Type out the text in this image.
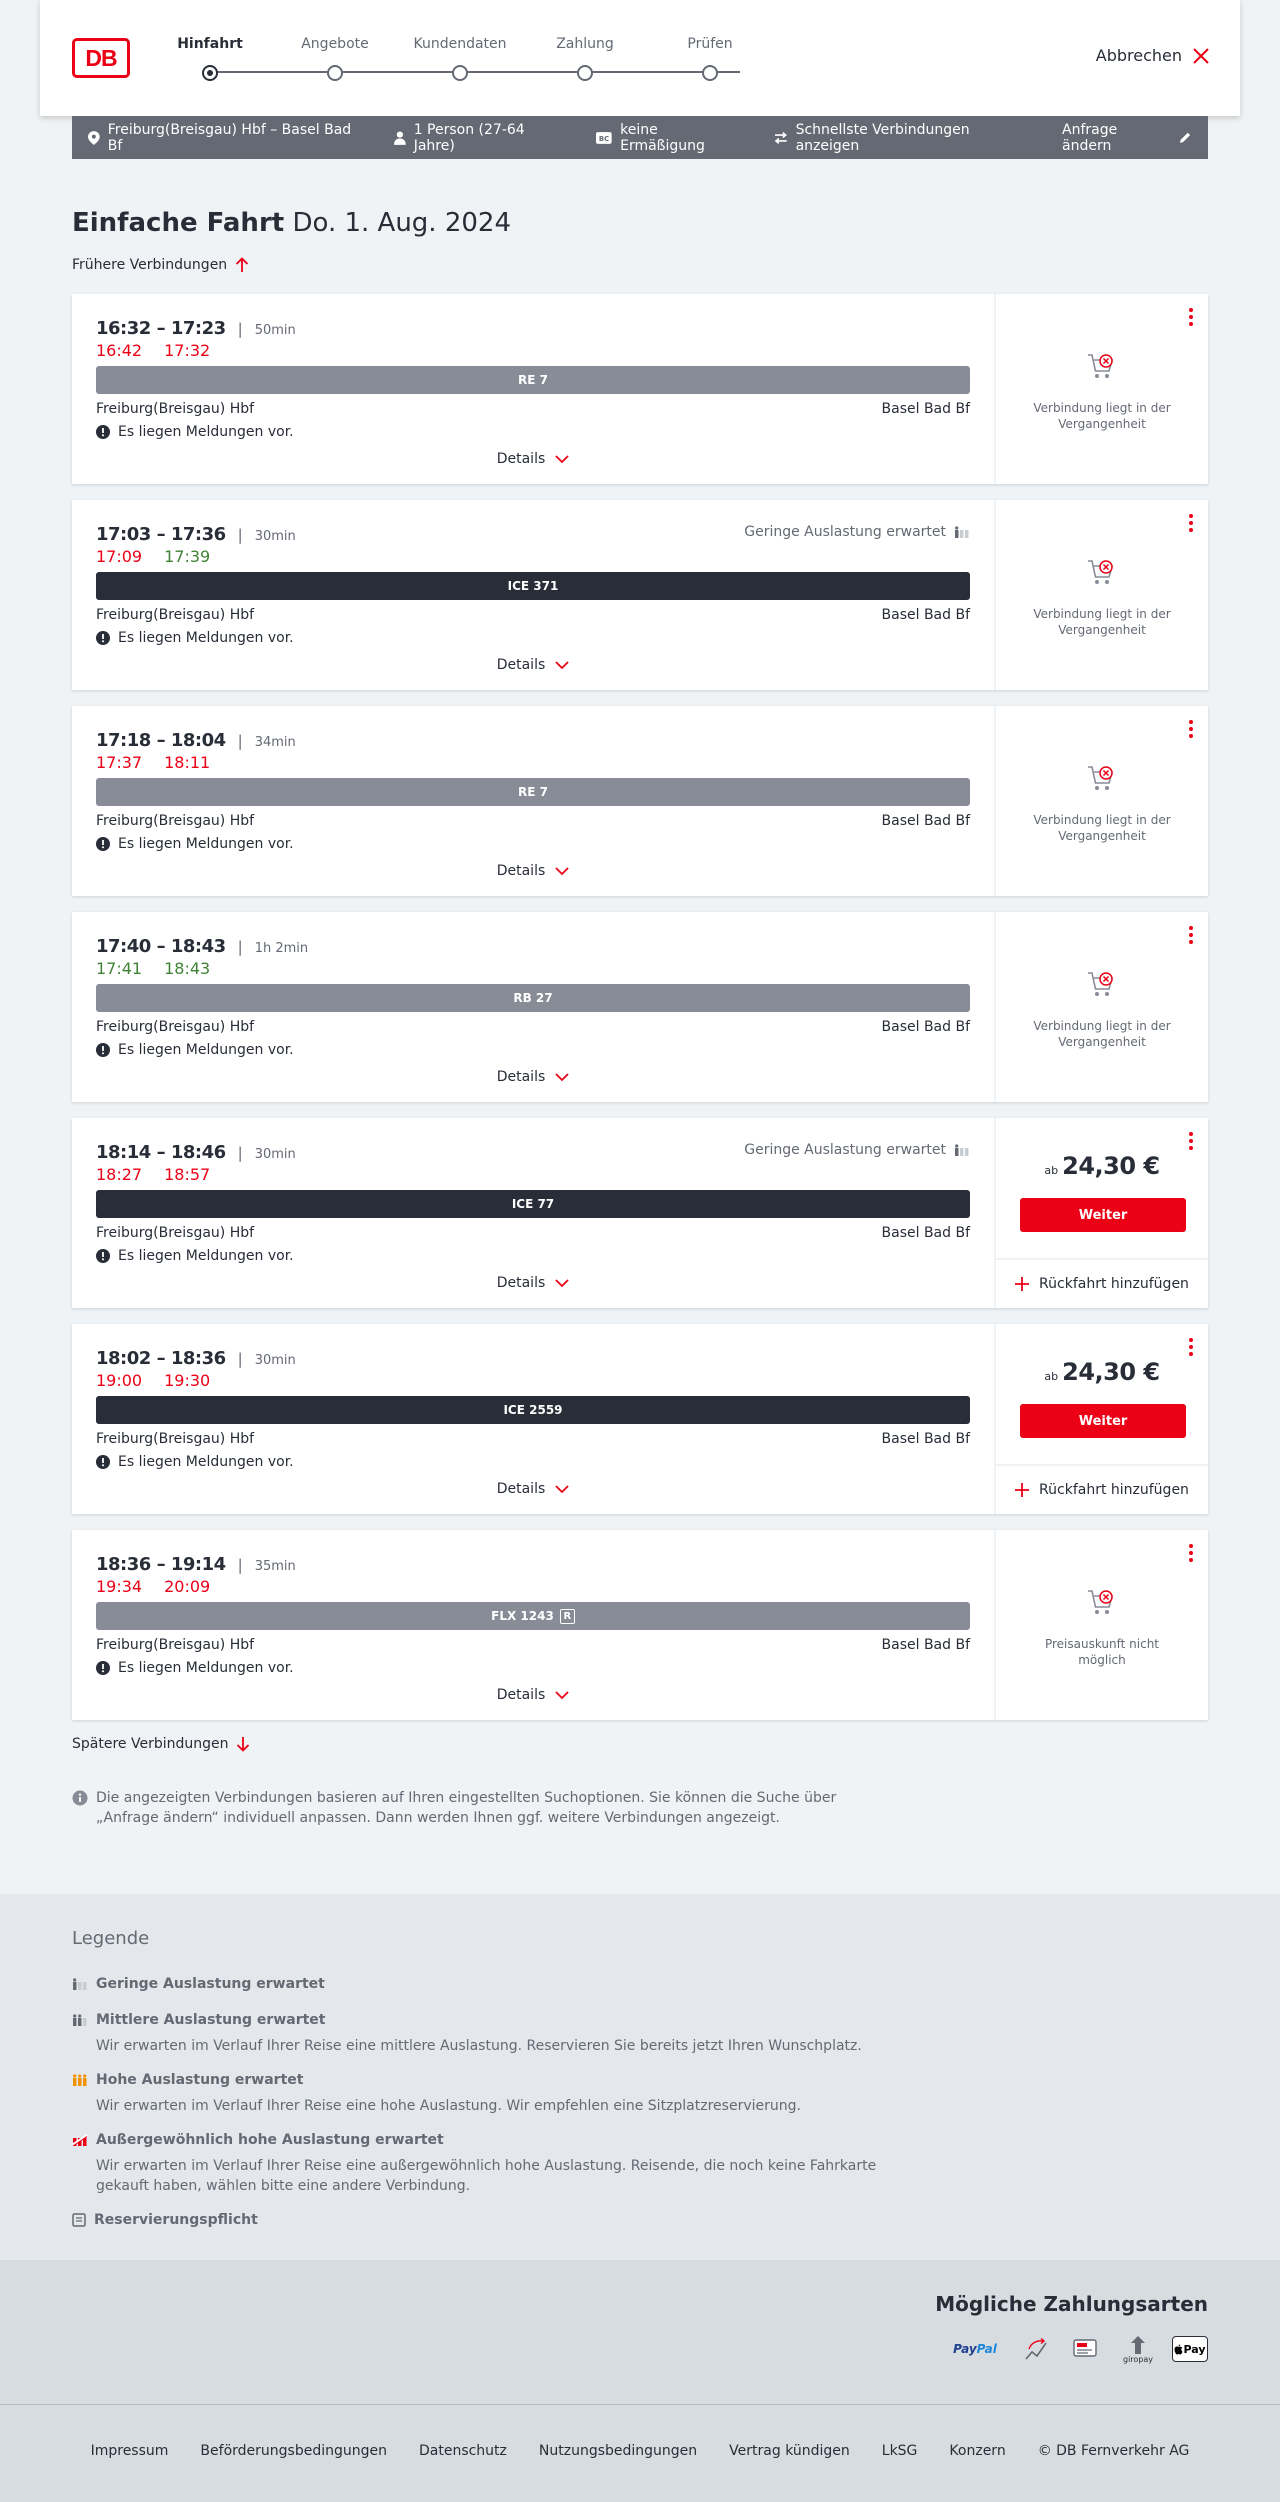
DB
Hinfahrt	Angebote	Kundendaten	Zahlung	Prüfen
Abbrechen
Freiburg(Breisgau) Hbf – Basel Bad Bf
1 Person (27-64 Jahre)	BC
keine Ermäßigung
Schnellste Verbindungen anzeigen
Anfrage ändern
Einfache Fahrt Do. 1. Aug. 2024
Frühere Verbindungen
16:32 – 17:23 | 50min
16:42 17:32
RE 7
Freiburg(Breisgau) Hbf	Basel Bad Bf
Es liegen Meldungen vor.
Details
Verbindung liegt in der Vergangenheit
17:03 – 17:36 | 30min
17:09 17:39
Geringe Auslastung erwartet
ICE 371
Freiburg(Breisgau) Hbf	Basel Bad Bf
Es liegen Meldungen vor.
Details
Verbindung liegt in der Vergangenheit
17:18 – 18:04 | 34min
17:37 18:11
RE 7
Freiburg(Breisgau) Hbf	Basel Bad Bf
Es liegen Meldungen vor.
Details
Verbindung liegt in der Vergangenheit
17:40 – 18:43 | 1h 2min
17:41 18:43
RB 27
Freiburg(Breisgau) Hbf	Basel Bad Bf
Es liegen Meldungen vor.
Details
Verbindung liegt in der Vergangenheit
18:14 – 18:46 | 30min
18:27 18:57
Geringe Auslastung erwartet
ICE 77
Freiburg(Breisgau) Hbf	Basel Bad Bf
Es liegen Meldungen vor.
Details
ab 24,30 €
Weiter
Rückfahrt hinzufügen
18:02 – 18:36 | 30min
19:00 19:30
ICE 2559
Freiburg(Breisgau) Hbf	Basel Bad Bf
Es liegen Meldungen vor.
Details
ab 24,30 €
Weiter
Rückfahrt hinzufügen
18:36 – 19:14 | 35min
19:34 20:09
FLX 1243 R
Freiburg(Breisgau) Hbf	Basel Bad Bf
Es liegen Meldungen vor.
Details
Preisauskunft nicht möglich
Spätere Verbindungen
Die angezeigten Verbindungen basieren auf Ihren eingestellten Suchoptionen. Sie können die Suche über „Anfrage ändern“ individuell anpassen. Dann werden Ihnen ggf. weitere Verbindungen angezeigt.
Legende
Geringe Auslastung erwartet
Mittlere Auslastung erwartet
Wir erwarten im Verlauf Ihrer Reise eine mittlere Auslastung. Reservieren Sie bereits jetzt Ihren Wunschplatz.
Hohe Auslastung erwartet
Wir erwarten im Verlauf Ihrer Reise eine hohe Auslastung. Wir empfehlen eine Sitzplatzreservierung.
Außergewöhnlich hohe Auslastung erwartet
Wir erwarten im Verlauf Ihrer Reise eine außergewöhnlich hohe Auslastung. Reisende, die noch keine Fahrkarte gekauft haben, wählen bitte eine andere Verbindung.
Reservierungspflicht
Mögliche Zahlungsarten
Pay Pal
giropay
Pay
Impressum Beförderungsbedingungen Datenschutz Nutzungsbedingungen Vertrag kündigen LkSG Konzern © DB Fernverkehr AG
